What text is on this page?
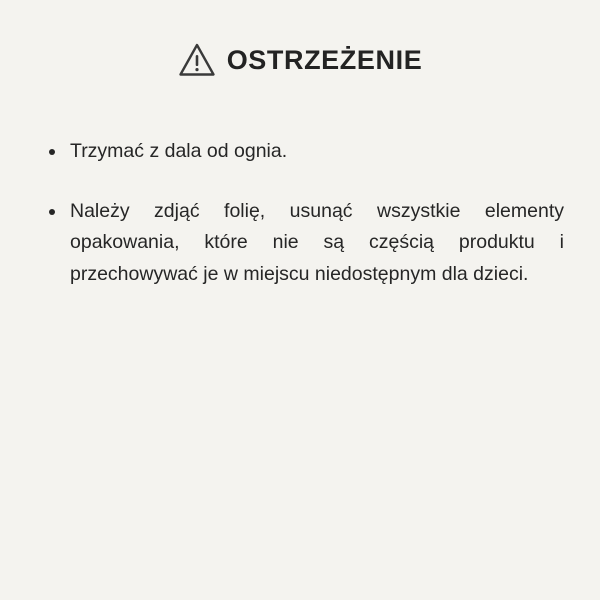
OSTRZEŻENIE
Trzymać z dala od ognia.
Należy zdjąć folię, usunąć wszystkie elementy opakowania, które nie są częścią produktu i przechowywać je w miejscu niedostępnym dla dzieci.
